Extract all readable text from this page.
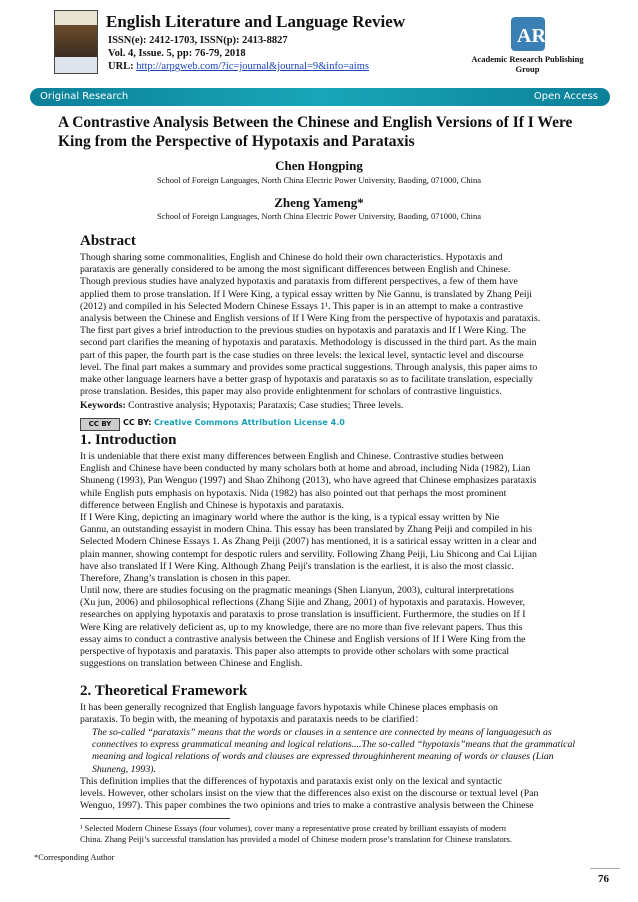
English Literature and Language Review
ISSN(e): 2412-1703, ISSN(p): 2413-8827
Vol. 4, Issue. 5, pp: 76-79, 2018
URL: http://arpgweb.com/?ic=journal&journal=9&info=aims
AR
Academic Research Publishing Group
Original Research	Open Access
A Contrastive Analysis Between the Chinese and English Versions of If I Were
King from the Perspective of Hypotaxis and Parataxis
Chen Hongping
School of Foreign Languages, North China Electric Power University, Baoding, 071000, China
Zheng Yameng*
School of Foreign Languages, North China Electric Power University, Baoding, 071000, China
Abstract
Though sharing some commonalities, English and Chinese do hold their own characteristics. Hypotaxis and
parataxis are generally considered to be among the most significant differences between English and Chinese.
Though previous studies have analyzed hypotaxis and parataxis from different perspectives, a few of them have
applied them to prose translation. If I Were King, a typical essay written by Nie Gannu, is translated by Zhang Peiji
(2012) and compiled in his Selected Modern Chinese Essays 1¹. This paper is in an attempt to make a contrastive
analysis between the Chinese and English versions of If I Were King from the perspective of hypotaxis and parataxis.
The first part gives a brief introduction to the previous studies on hypotaxis and parataxis and If I Were King. The
second part clarifies the meaning of hypotaxis and parataxis. Methodology is discussed in the third part. As the main
part of this paper, the fourth part is the case studies on three levels: the lexical level, syntactic level and discourse
level. The final part makes a summary and provides some practical suggestions. Through analysis, this paper aims to
make other language learners have a better grasp of hypotaxis and parataxis so as to facilitate translation, especially
prose translation. Besides, this paper may also provide enlightenment for scholars of contrastive linguistics.
Keywords: Contrastive analysis; Hypotaxis; Parataxis; Case studies; Three levels.
CC BY	CC BY: Creative Commons Attribution License 4.0
1. Introduction
It is undeniable that there exist many differences between English and Chinese. Contrastive studies between
English and Chinese have been conducted by many scholars both at home and abroad, including Nida (1982), Lian
Shuneng (1993), Pan Wenguo (1997) and Shao Zhihong (2013), who have agreed that Chinese emphasizes parataxis
while English puts emphasis on hypotaxis. Nida (1982) has also pointed out that perhaps the most prominent
difference between English and Chinese is hypotaxis and parataxis.
If I Were King, depicting an imaginary world where the author is the king, is a typical essay written by Nie
Gannu, an outstanding essayist in modern China. This essay has been translated by Zhang Peiji and compiled in his
Selected Modern Chinese Essays 1. As Zhang Peiji (2007) has mentioned, it is a satirical essay written in a clear and
plain manner, showing contempt for despotic rulers and servility. Following Zhang Peiji, Liu Shicong and Cai Lijian
have also translated If I Were King. Although Zhang Peiji's translation is the earliest, it is also the most classic.
Therefore, Zhang’s translation is chosen in this paper.
Until now, there are studies focusing on the pragmatic meanings (Shen Lianyun, 2003), cultural interpretations
(Xu jun, 2006) and philosophical reflections (Zhang Sijie and Zhang, 2001) of hypotaxis and parataxis. However,
researches on applying hypotaxis and parataxis to prose translation is insufficient. Furthermore, the studies on If I
Were King are relatively deficient as, up to my knowledge, there are no more than five relevant papers. Thus this
essay aims to conduct a contrastive analysis between the Chinese and English versions of If I Were King from the
perspective of hypotaxis and parataxis. This paper also attempts to provide other scholars with some practical
suggestions on translation between Chinese and English.
2. Theoretical Framework
It has been generally recognized that English language favors hypotaxis while Chinese places emphasis on
parataxis. To begin with, the meaning of hypotaxis and parataxis needs to be clarified：
The so-called “parataxis” means that the words or clauses in a sentence are connected by means of languagesuch as connectives to express grammatical meaning and logical relations....The so-called “hypotaxis”means that the grammatical meaning and logical relations of words and clauses are expressed throughinherent meaning of words or clauses (Lian Shuneng, 1993).
This definition implies that the differences of hypotaxis and parataxis exist only on the lexical and syntactic
levels. However, other scholars insist on the view that the differences also exist on the discourse or textual level (Pan
Wenguo, 1997). This paper combines the two opinions and tries to make a contrastive analysis between the Chinese
¹ Selected Modern Chinese Essays (four volumes), cover many a representative prose created by brilliant essayists of modern
China. Zhang Peiji’s successful translation has provided a model of Chinese modern prose’s translation for Chinese translators.
*Corresponding Author
76
